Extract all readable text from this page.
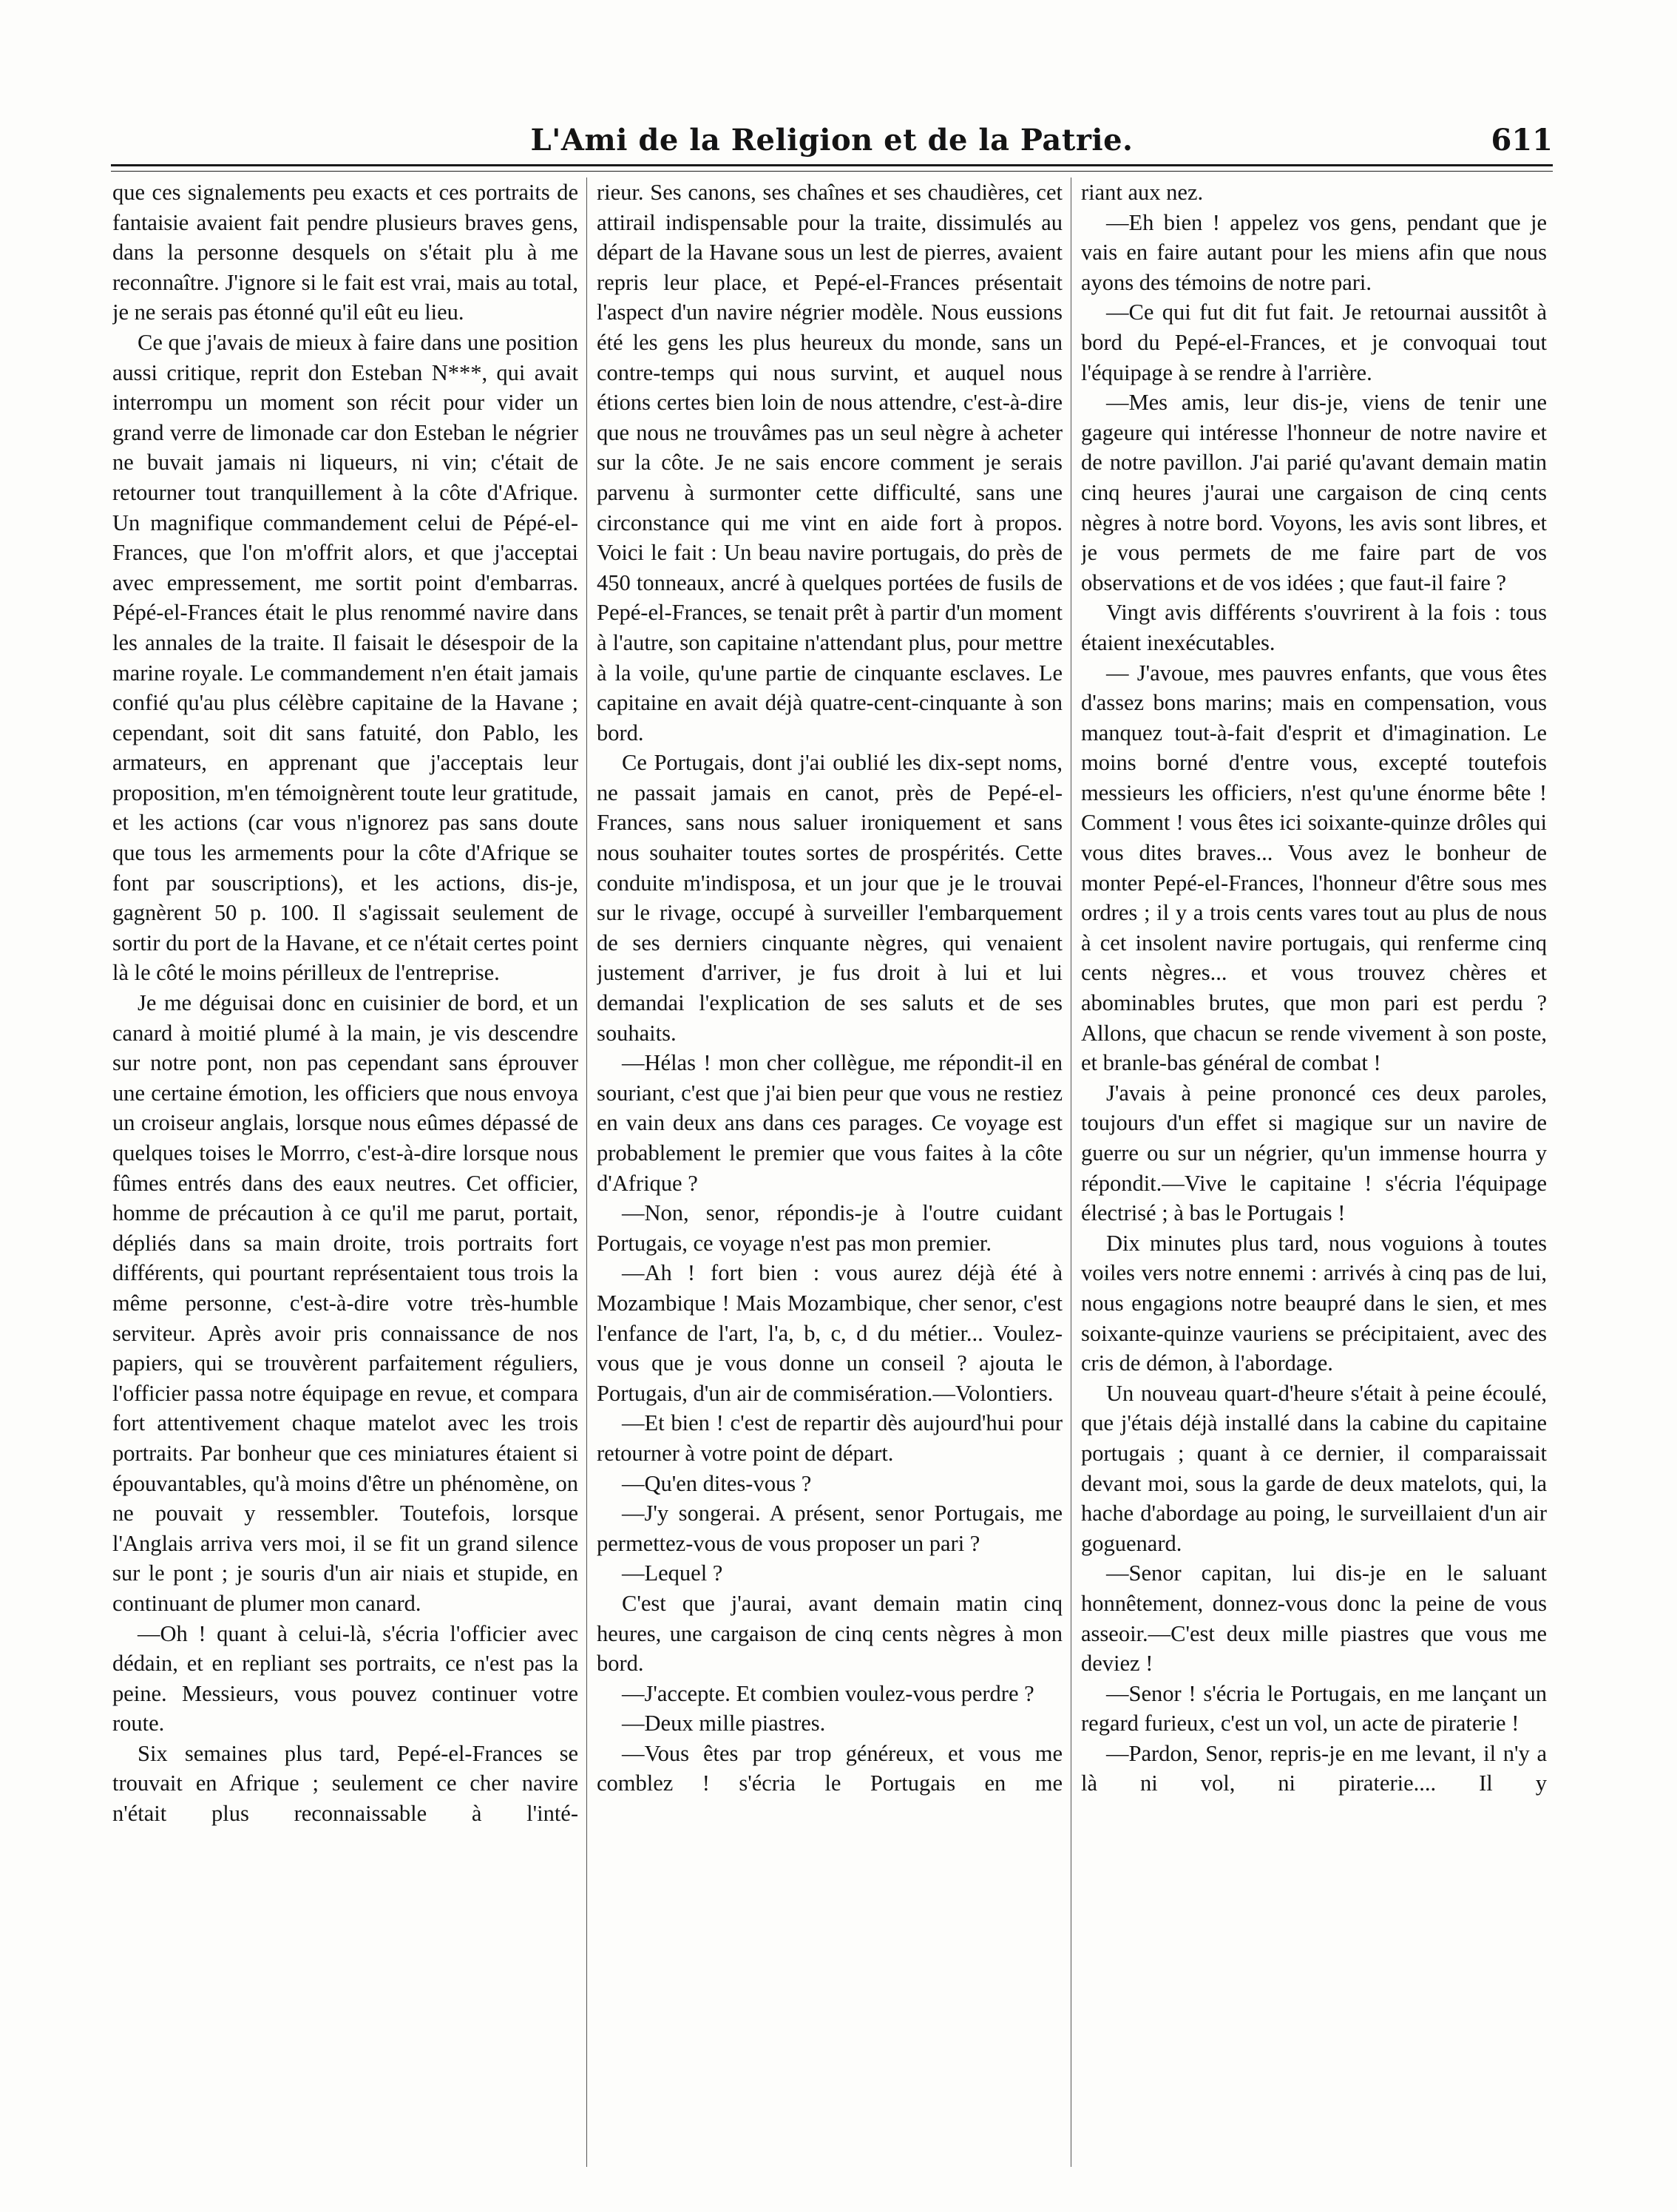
L'Ami de la Religion et de la Patrie.	611

que ces signalements peu exacts et ces portraits de fantaisie avaient fait pendre plusieurs braves gens, dans la personne desquels on s'était plu à me reconnaître. J'ignore si le fait est vrai, mais au total, je ne serais pas étonné qu'il eût eu lieu.

Ce que j'avais de mieux à faire dans une position aussi critique, reprit don Esteban N***, qui avait interrompu un moment son récit pour vider un grand verre de limonade car don Esteban le négrier ne buvait jamais ni liqueurs, ni vin; c'était de retourner tout tranquillement à la côte d'Afrique. Un magnifique commandement celui de Pépé-el-Frances, que l'on m'offrit alors, et que j'acceptai avec empressement, me sortit point d'embarras. Pépé-el-Frances était le plus renommé navire dans les annales de la traite. Il faisait le désespoir de la marine royale. Le commandement n'en était jamais confié qu'au plus célèbre capitaine de la Havane ; cependant, soit dit sans fatuité, don Pablo, les armateurs, en apprenant que j'acceptais leur proposition, m'en témoignèrent toute leur gratitude, et les actions (car vous n'ignorez pas sans doute que tous les armements pour la côte d'Afrique se font par souscriptions), et les actions, dis-je, gagnèrent 50 p. 100. Il s'agissait seulement de sortir du port de la Havane, et ce n'était certes point là le côté le moins périlleux de l'entreprise.

Je me déguisai donc en cuisinier de bord, et un canard à moitié plumé à la main, je vis descendre sur notre pont, non pas cependant sans éprouver une certaine émotion, les officiers que nous envoya un croiseur anglais, lorsque nous eûmes dépassé de quelques toises le Morrro, c'est-à-dire lorsque nous fûmes entrés dans des eaux neutres. Cet officier, homme de précaution à ce qu'il me parut, portait, dépliés dans sa main droite, trois portraits fort différents, qui pourtant représentaient tous trois la même personne, c'est-à-dire votre très-humble serviteur. Après avoir pris connaissance de nos papiers, qui se trouvèrent parfaitement réguliers, l'officier passa notre équipage en revue, et compara fort attentivement chaque matelot avec les trois portraits. Par bonheur que ces miniatures étaient si épouvantables, qu'à moins d'être un phénomène, on ne pouvait y ressembler. Toutefois, lorsque l'Anglais arriva vers moi, il se fit un grand silence sur le pont ; je souris d'un air niais et stupide, en continuant de plumer mon canard.

—Oh ! quant à celui-là, s'écria l'officier avec dédain, et en repliant ses portraits, ce n'est pas la peine. Messieurs, vous pouvez continuer votre route.

Six semaines plus tard, Pepé-el-Frances se trouvait en Afrique ; seulement ce cher navire n'était plus reconnaissable à l'inté-

rieur. Ses canons, ses chaînes et ses chaudières, cet attirail indispensable pour la traite, dissimulés au départ de la Havane sous un lest de pierres, avaient repris leur place, et Pepé-el-Frances présentait l'aspect d'un navire négrier modèle. Nous eussions été les gens les plus heureux du monde, sans un contre-temps qui nous survint, et auquel nous étions certes bien loin de nous attendre, c'est-à-dire que nous ne trouvâmes pas un seul nègre à acheter sur la côte. Je ne sais encore comment je serais parvenu à surmonter cette difficulté, sans une circonstance qui me vint en aide fort à propos. Voici le fait : Un beau navire portugais, do près de 450 tonneaux, ancré à quelques portées de fusils de Pepé-el-Frances, se tenait prêt à partir d'un moment à l'autre, son capitaine n'attendant plus, pour mettre à la voile, qu'une partie de cinquante esclaves. Le capitaine en avait déjà quatre-cent-cinquante à son bord.

Ce Portugais, dont j'ai oublié les dix-sept noms, ne passait jamais en canot, près de Pepé-el-Frances, sans nous saluer ironiquement et sans nous souhaiter toutes sortes de prospérités. Cette conduite m'indisposa, et un jour que je le trouvai sur le rivage, occupé à surveiller l'embarquement de ses derniers cinquante nègres, qui venaient justement d'arriver, je fus droit à lui et lui demandai l'explication de ses saluts et de ses souhaits.

—Hélas ! mon cher collègue, me répondit-il en souriant, c'est que j'ai bien peur que vous ne restiez en vain deux ans dans ces parages. Ce voyage est probablement le premier que vous faites à la côte d'Afrique ?

—Non, senor, répondis-je à l'outre cuidant Portugais, ce voyage n'est pas mon premier.

—Ah ! fort bien : vous aurez déjà été à Mozambique ! Mais Mozambique, cher senor, c'est l'enfance de l'art, l'a, b, c, d du métier... Voulez-vous que je vous donne un conseil ? ajouta le Portugais, d'un air de commisération.—Volontiers.

—Et bien ! c'est de repartir dès aujourd'hui pour retourner à votre point de départ.

—Qu'en dites-vous ?

—J'y songerai. A présent, senor Portugais, me permettez-vous de vous proposer un pari ?

—Lequel ?

C'est que j'aurai, avant demain matin cinq heures, une cargaison de cinq cents nègres à mon bord.

—J'accepte. Et combien voulez-vous perdre ?

—Deux mille piastres.

—Vous êtes par trop généreux, et vous me comblez ! s'écria le Portugais en me

riant aux nez.

—Eh bien ! appelez vos gens, pendant que je vais en faire autant pour les miens afin que nous ayons des témoins de notre pari.

—Ce qui fut dit fut fait. Je retournai aussitôt à bord du Pepé-el-Frances, et je convoquai tout l'équipage à se rendre à l'arrière.

—Mes amis, leur dis-je, viens de tenir une gageure qui intéresse l'honneur de notre navire et de notre pavillon. J'ai parié qu'avant demain matin cinq heures j'aurai une cargaison de cinq cents nègres à notre bord. Voyons, les avis sont libres, et je vous permets de me faire part de vos observations et de vos idées ; que faut-il faire ?

Vingt avis différents s'ouvrirent à la fois : tous étaient inexécutables.

— J'avoue, mes pauvres enfants, que vous êtes d'assez bons marins; mais en compensation, vous manquez tout-à-fait d'esprit et d'imagination. Le moins borné d'entre vous, excepté toutefois messieurs les officiers, n'est qu'une énorme bête ! Comment ! vous êtes ici soixante-quinze drôles qui vous dites braves... Vous avez le bonheur de monter Pepé-el-Frances, l'honneur d'être sous mes ordres ; il y a trois cents vares tout au plus de nous à cet insolent navire portugais, qui renferme cinq cents nègres... et vous trouvez chères et abominables brutes, que mon pari est perdu ? Allons, que chacun se rende vivement à son poste, et branle-bas général de combat !

J'avais à peine prononcé ces deux paroles, toujours d'un effet si magique sur un navire de guerre ou sur un négrier, qu'un immense hourra y répondit.—Vive le capitaine ! s'écria l'équipage électrisé ; à bas le Portugais !

Dix minutes plus tard, nous voguions à toutes voiles vers notre ennemi : arrivés à cinq pas de lui, nous engagions notre beaupré dans le sien, et mes soixante-quinze vauriens se précipitaient, avec des cris de démon, à l'abordage.

Un nouveau quart-d'heure s'était à peine écoulé, que j'étais déjà installé dans la cabine du capitaine portugais ; quant à ce dernier, il comparaissait devant moi, sous la garde de deux matelots, qui, la hache d'abordage au poing, le surveillaient d'un air goguenard.

—Senor capitan, lui dis-je en le saluant honnêtement, donnez-vous donc la peine de vous asseoir.—C'est deux mille piastres que vous me deviez !

—Senor ! s'écria le Portugais, en me lançant un regard furieux, c'est un vol, un acte de piraterie !

—Pardon, Senor, repris-je en me levant, il n'y a là ni vol, ni piraterie.... Il y
